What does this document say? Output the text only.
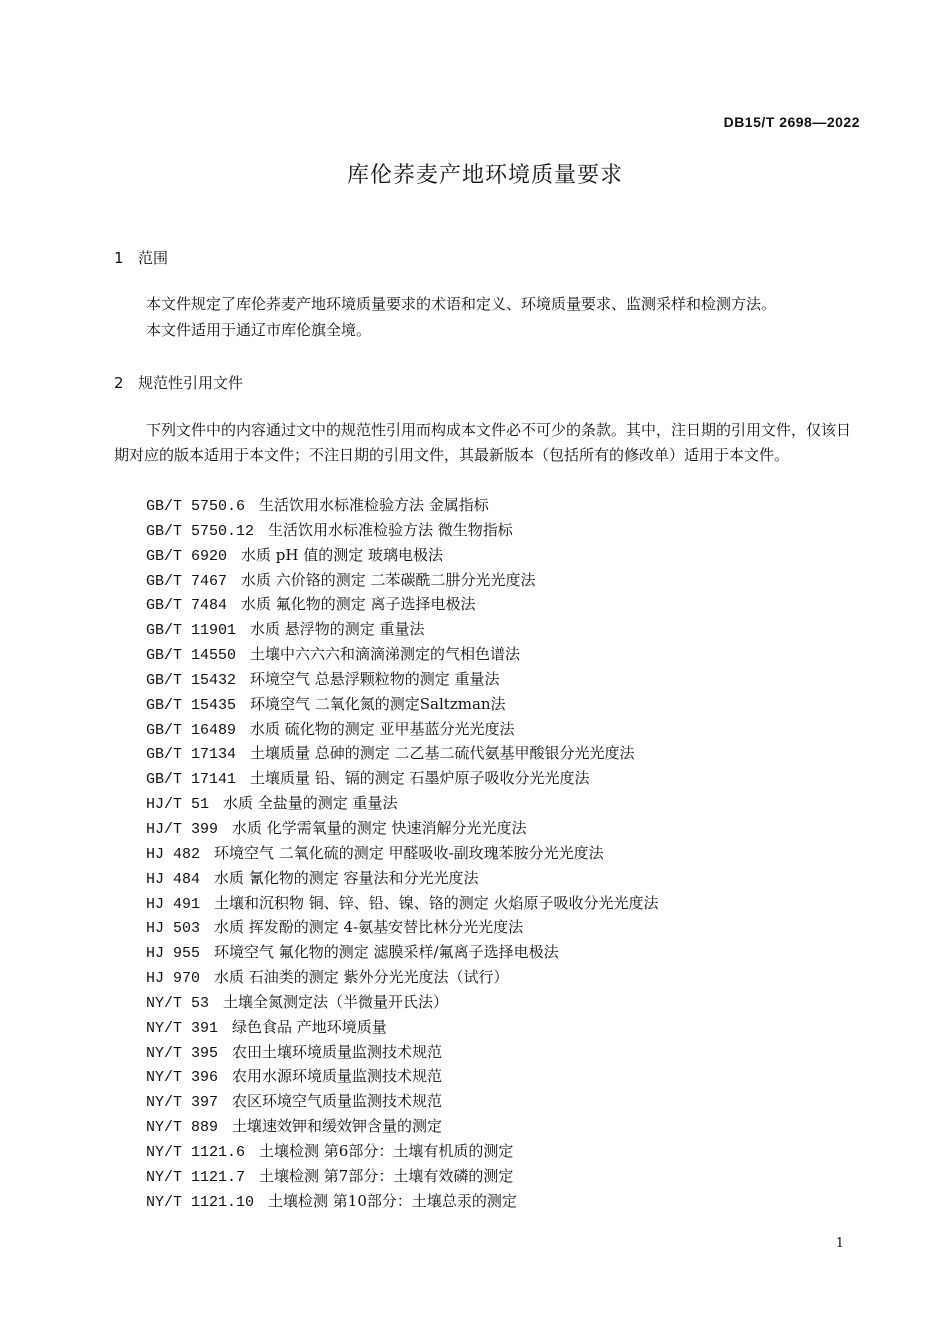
DB15/T 2698—2022
库伦荞麦产地环境质量要求
1 范围
本文件规定了库伦荞麦产地环境质量要求的术语和定义、环境质量要求、监测采样和检测方法。
本文件适用于通辽市库伦旗全境。
2 规范性引用文件
下列文件中的内容通过文中的规范性引用而构成本文件必不可少的条款。其中，注日期的引用文件，仅该日期对应的版本适用于本文件；不注日期的引用文件，其最新版本（包括所有的修改单）适用于本文件。
GB/T 5750.6 生活饮用水标准检验方法 金属指标
GB/T 5750.12 生活饮用水标准检验方法 微生物指标
GB/T 6920 水质 pH 值的测定 玻璃电极法
GB/T 7467 水质 六价铬的测定 二苯碳酰二肼分光光度法
GB/T 7484 水质 氟化物的测定 离子选择电极法
GB/T 11901 水质 悬浮物的测定 重量法
GB/T 14550 土壤中六六六和滴滴涕测定的气相色谱法
GB/T 15432 环境空气 总悬浮颗粒物的测定 重量法
GB/T 15435 环境空气 二氧化氮的测定Saltzman法
GB/T 16489 水质 硫化物的测定 亚甲基蓝分光光度法
GB/T 17134 土壤质量 总砷的测定 二乙基二硫代氨基甲酸银分光光度法
GB/T 17141 土壤质量 铅、镉的测定 石墨炉原子吸收分光光度法
HJ/T 51 水质 全盐量的测定 重量法
HJ/T 399 水质 化学需氧量的测定 快速消解分光光度法
HJ 482 环境空气 二氧化硫的测定 甲醛吸收-副玫瑰苯胺分光光度法
HJ 484 水质 氰化物的测定 容量法和分光光度法
HJ 491 土壤和沉积物 铜、锌、铅、镍、铬的测定 火焰原子吸收分光光度法
HJ 503 水质 挥发酚的测定 4-氨基安替比林分光光度法
HJ 955 环境空气 氟化物的测定 滤膜采样/氟离子选择电极法
HJ 970 水质 石油类的测定 紫外分光光度法（试行）
NY/T 53 土壤全氮测定法（半微量开氏法）
NY/T 391 绿色食品 产地环境质量
NY/T 395 农田土壤环境质量监测技术规范
NY/T 396 农用水源环境质量监测技术规范
NY/T 397 农区环境空气质量监测技术规范
NY/T 889 土壤速效钾和缓效钾含量的测定
NY/T 1121.6 土壤检测 第6部分：土壤有机质的测定
NY/T 1121.7 土壤检测 第7部分：土壤有效磷的测定
NY/T 1121.10 土壤检测 第10部分：土壤总汞的测定
1
